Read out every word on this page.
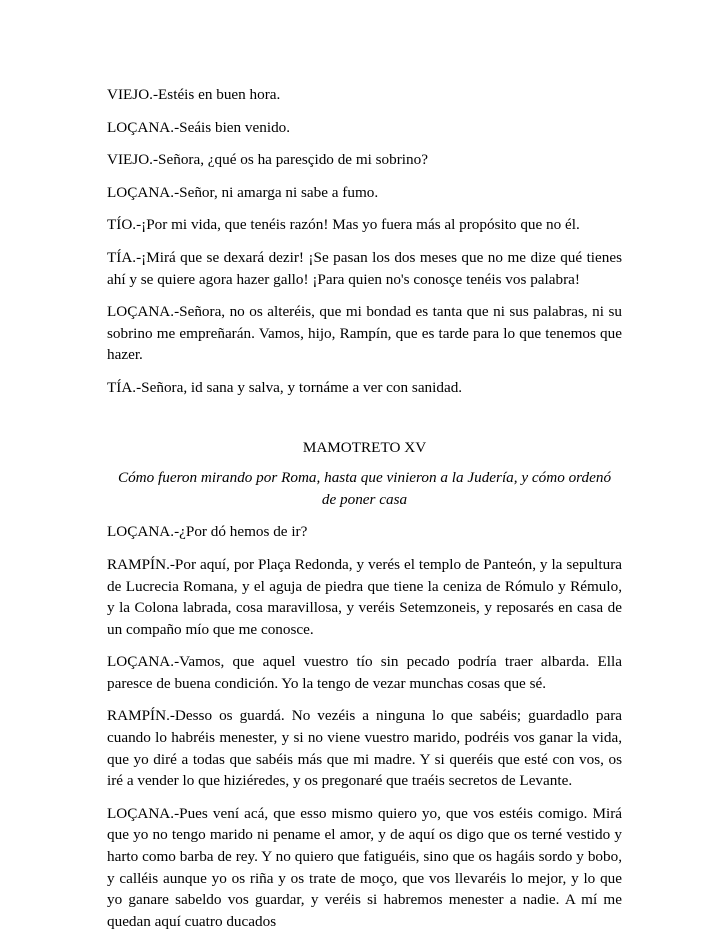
VIEJO.-Estéis en buen hora.

LOÇANA.-Seáis bien venido.

VIEJO.-Señora, ¿qué os ha paresçido de mi sobrino?

LOÇANA.-Señor, ni amarga ni sabe a fumo.

TÍO.-¡Por mi vida, que tenéis razón! Mas yo fuera más al propósito que no él.

TÍA.-¡Mirá que se dexará dezir! ¡Se pasan los dos meses que no me dize qué tienes ahí y se quiere agora hazer gallo! ¡Para quien no's conosçe tenéis vos palabra!

LOÇANA.-Señora, no os alteréis, que mi bondad es tanta que ni sus palabras, ni su sobrino me empreñarán. Vamos, hijo, Rampín, que es tarde para lo que tenemos que hazer.

TÍA.-Señora, id sana y salva, y tornáme a ver con sanidad.

MAMOTRETO XV
Cómo fueron mirando por Roma, hasta que vinieron a la Judería, y cómo ordenó de poner casa

LOÇANA.-¿Por dó hemos de ir?

RAMPÍN.-Por aquí, por Plaça Redonda, y verés el templo de Panteón, y la sepultura de Lucrecia Romana, y el aguja de piedra que tiene la ceniza de Rómulo y Rémulo, y la Colona labrada, cosa maravillosa, y veréis Setemzoneis, y reposarés en casa de un compaño mío que me conosce.

LOÇANA.-Vamos, que aquel vuestro tío sin pecado podría traer albarda. Ella paresce de buena condición. Yo la tengo de vezar munchas cosas que sé.

RAMPÍN.-Desso os guardá. No vezéis a ninguna lo que sabéis; guardadlo para cuando lo habréis menester, y si no viene vuestro marido, podréis vos ganar la vida, que yo diré a todas que sabéis más que mi madre. Y si queréis que esté con vos, os iré a vender lo que hiziéredes, y os pregonaré que traéis secretos de Levante.

LOÇANA.-Pues vení acá, que esso mismo quiero yo, que vos estéis comigo. Mirá que yo no tengo marido ni pename el amor, y de aquí os digo que os terné vestido y harto como barba de rey. Y no quiero que fatiguéis, sino que os hagáis sordo y bobo, y calléis aunque yo os riña y os trate de moço, que vos llevaréis lo mejor, y lo que yo ganare sabeldo vos guardar, y veréis si habremos menester a nadie. A mí me quedan aquí cuatro ducados
